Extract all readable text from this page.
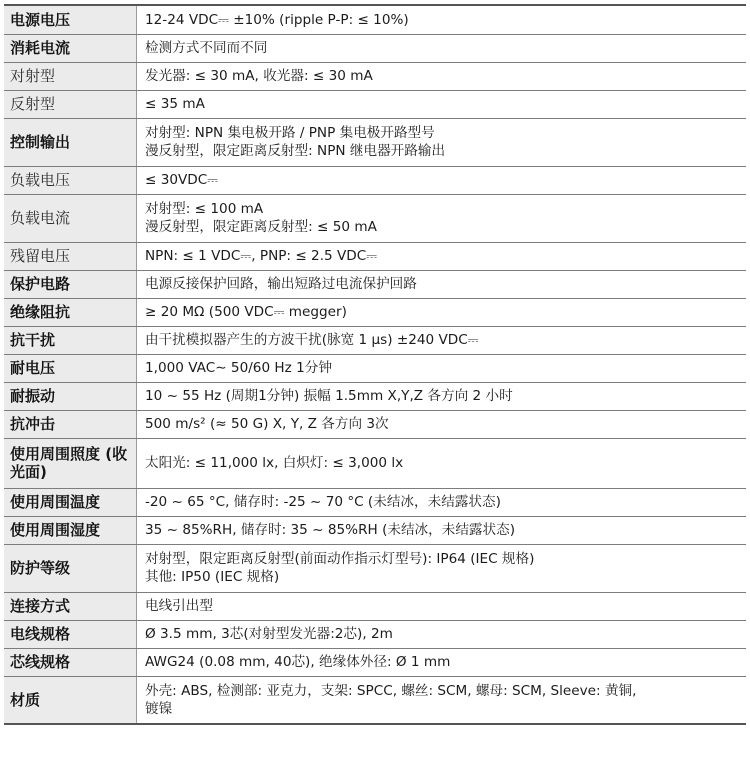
电源电压	12-24 VDC⎓ ±10% (ripple P-P: ≤ 10%)

消耗电流	检测方式不同而不同

对射型	发光器: ≤ 30 mA, 收光器: ≤ 30 mA

反射型	≤ 35 mA

控制输出	对射型: NPN 集电极开路 / PNP 集电极开路型号
漫反射型，限定距离反射型: NPN 继电器开路输出

负载电压	≤ 30VDC⎓

负载电流	对射型: ≤ 100 mA
漫反射型，限定距离反射型: ≤ 50 mA

残留电压	NPN: ≤ 1 VDC⎓, PNP: ≤ 2.5 VDC⎓

保护电路	电源反接保护回路，输出短路过电流保护回路

绝缘阻抗	≥ 20 MΩ (500 VDC⎓ megger)

抗干扰	由干扰模拟器产生的方波干扰(脉宽 1 μs) ±240 VDC⎓

耐电压	1,000 VAC∼ 50/60 Hz 1分钟

耐振动	10 ~ 55 Hz (周期1分钟) 振幅 1.5mm X,Y,Z 各方向 2 小时

抗冲击	500 m/s² (≈ 50 G) X, Y, Z 各方向 3次

使用周围照度 (收光面)	太阳光: ≤ 11,000 lx, 白炽灯: ≤ 3,000 lx

使用周围温度	-20 ~ 65 °C, 储存时: -25 ~ 70 °C (未结冰，未结露状态)

使用周围湿度	35 ~ 85%RH, 储存时: 35 ~ 85%RH (未结冰，未结露状态)

防护等级	对射型，限定距离反射型(前面动作指示灯型号): IP64 (IEC 规格)
其他: IP50 (IEC 规格)

连接方式	电线引出型

电线规格	Ø 3.5 mm, 3芯(对射型发光器:2芯), 2m

芯线规格	AWG24 (0.08 mm, 40芯), 绝缘体外径: Ø 1 mm

材质	外壳: ABS, 检测部: 亚克力，支架: SPCC, 螺丝: SCM, 螺母: SCM, Sleeve: 黄铜,
镀镍
